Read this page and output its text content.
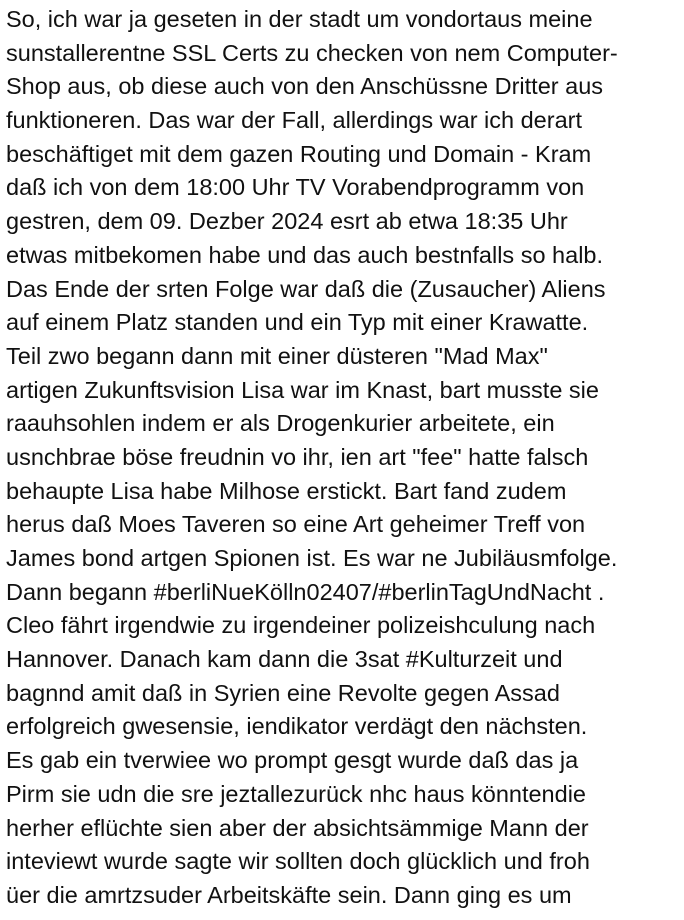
So, ich war ja geseten in der stadt um vondortaus meine
sunstallerentne SSL Certs zu checken von nem Computer-
Shop aus, ob diese auch von den Anschüssne Dritter aus
funktioneren. Das war der Fall, allerdings war ich derart
beschäftiget mit dem gazen Routing und Domain - Kram
daß ich von dem 18:00 Uhr TV Vorabendprogramm von
gestren, dem 09. Dezber 2024 esrt ab etwa 18:35 Uhr
etwas mitbekomen habe und das auch bestnfalls so halb.
Das Ende der srten Folge war daß die (Zusaucher) Aliens
auf einem Platz standen und ein Typ mit einer Krawatte.
Teil zwo begann dann mit einer düsteren "Mad Max"
artigen Zukunftsvision Lisa war im Knast, bart musste sie
raauhsohlen indem er als Drogenkurier arbeitete, ein
usnchbrae böse freudnin vo ihr, ien art "fee" hatte falsch
behaupte Lisa habe Milhose erstickt. Bart fand zudem
herus daß Moes Taveren so eine Art geheimer Treff von
James bond artgen Spionen ist. Es war ne Jubiläusmfolge.
Dann begann #berliNueKölln02407/#berlinTagUndNacht .
Cleo fährt irgendwie zu irgendeiner polizeishculung nach
Hannover. Danach kam dann die 3sat #Kulturzeit und
bagnnd amit daß in Syrien eine Revolte gegen Assad
erfolgreich gwesensie, iendikator verdägt den nächsten.
Es gab ein tverwiee wo prompt gesgt wurde daß das ja
Pirm sie udn die sre jeztallezurück nhc haus könntendie
herher eflüchte sien aber der absichtsämmige Mann der
inteviewt wurde sagte wir sollten doch glücklich und froh
üer die amrtzsuder Arbeitskäfte sein. Dann ging es um
